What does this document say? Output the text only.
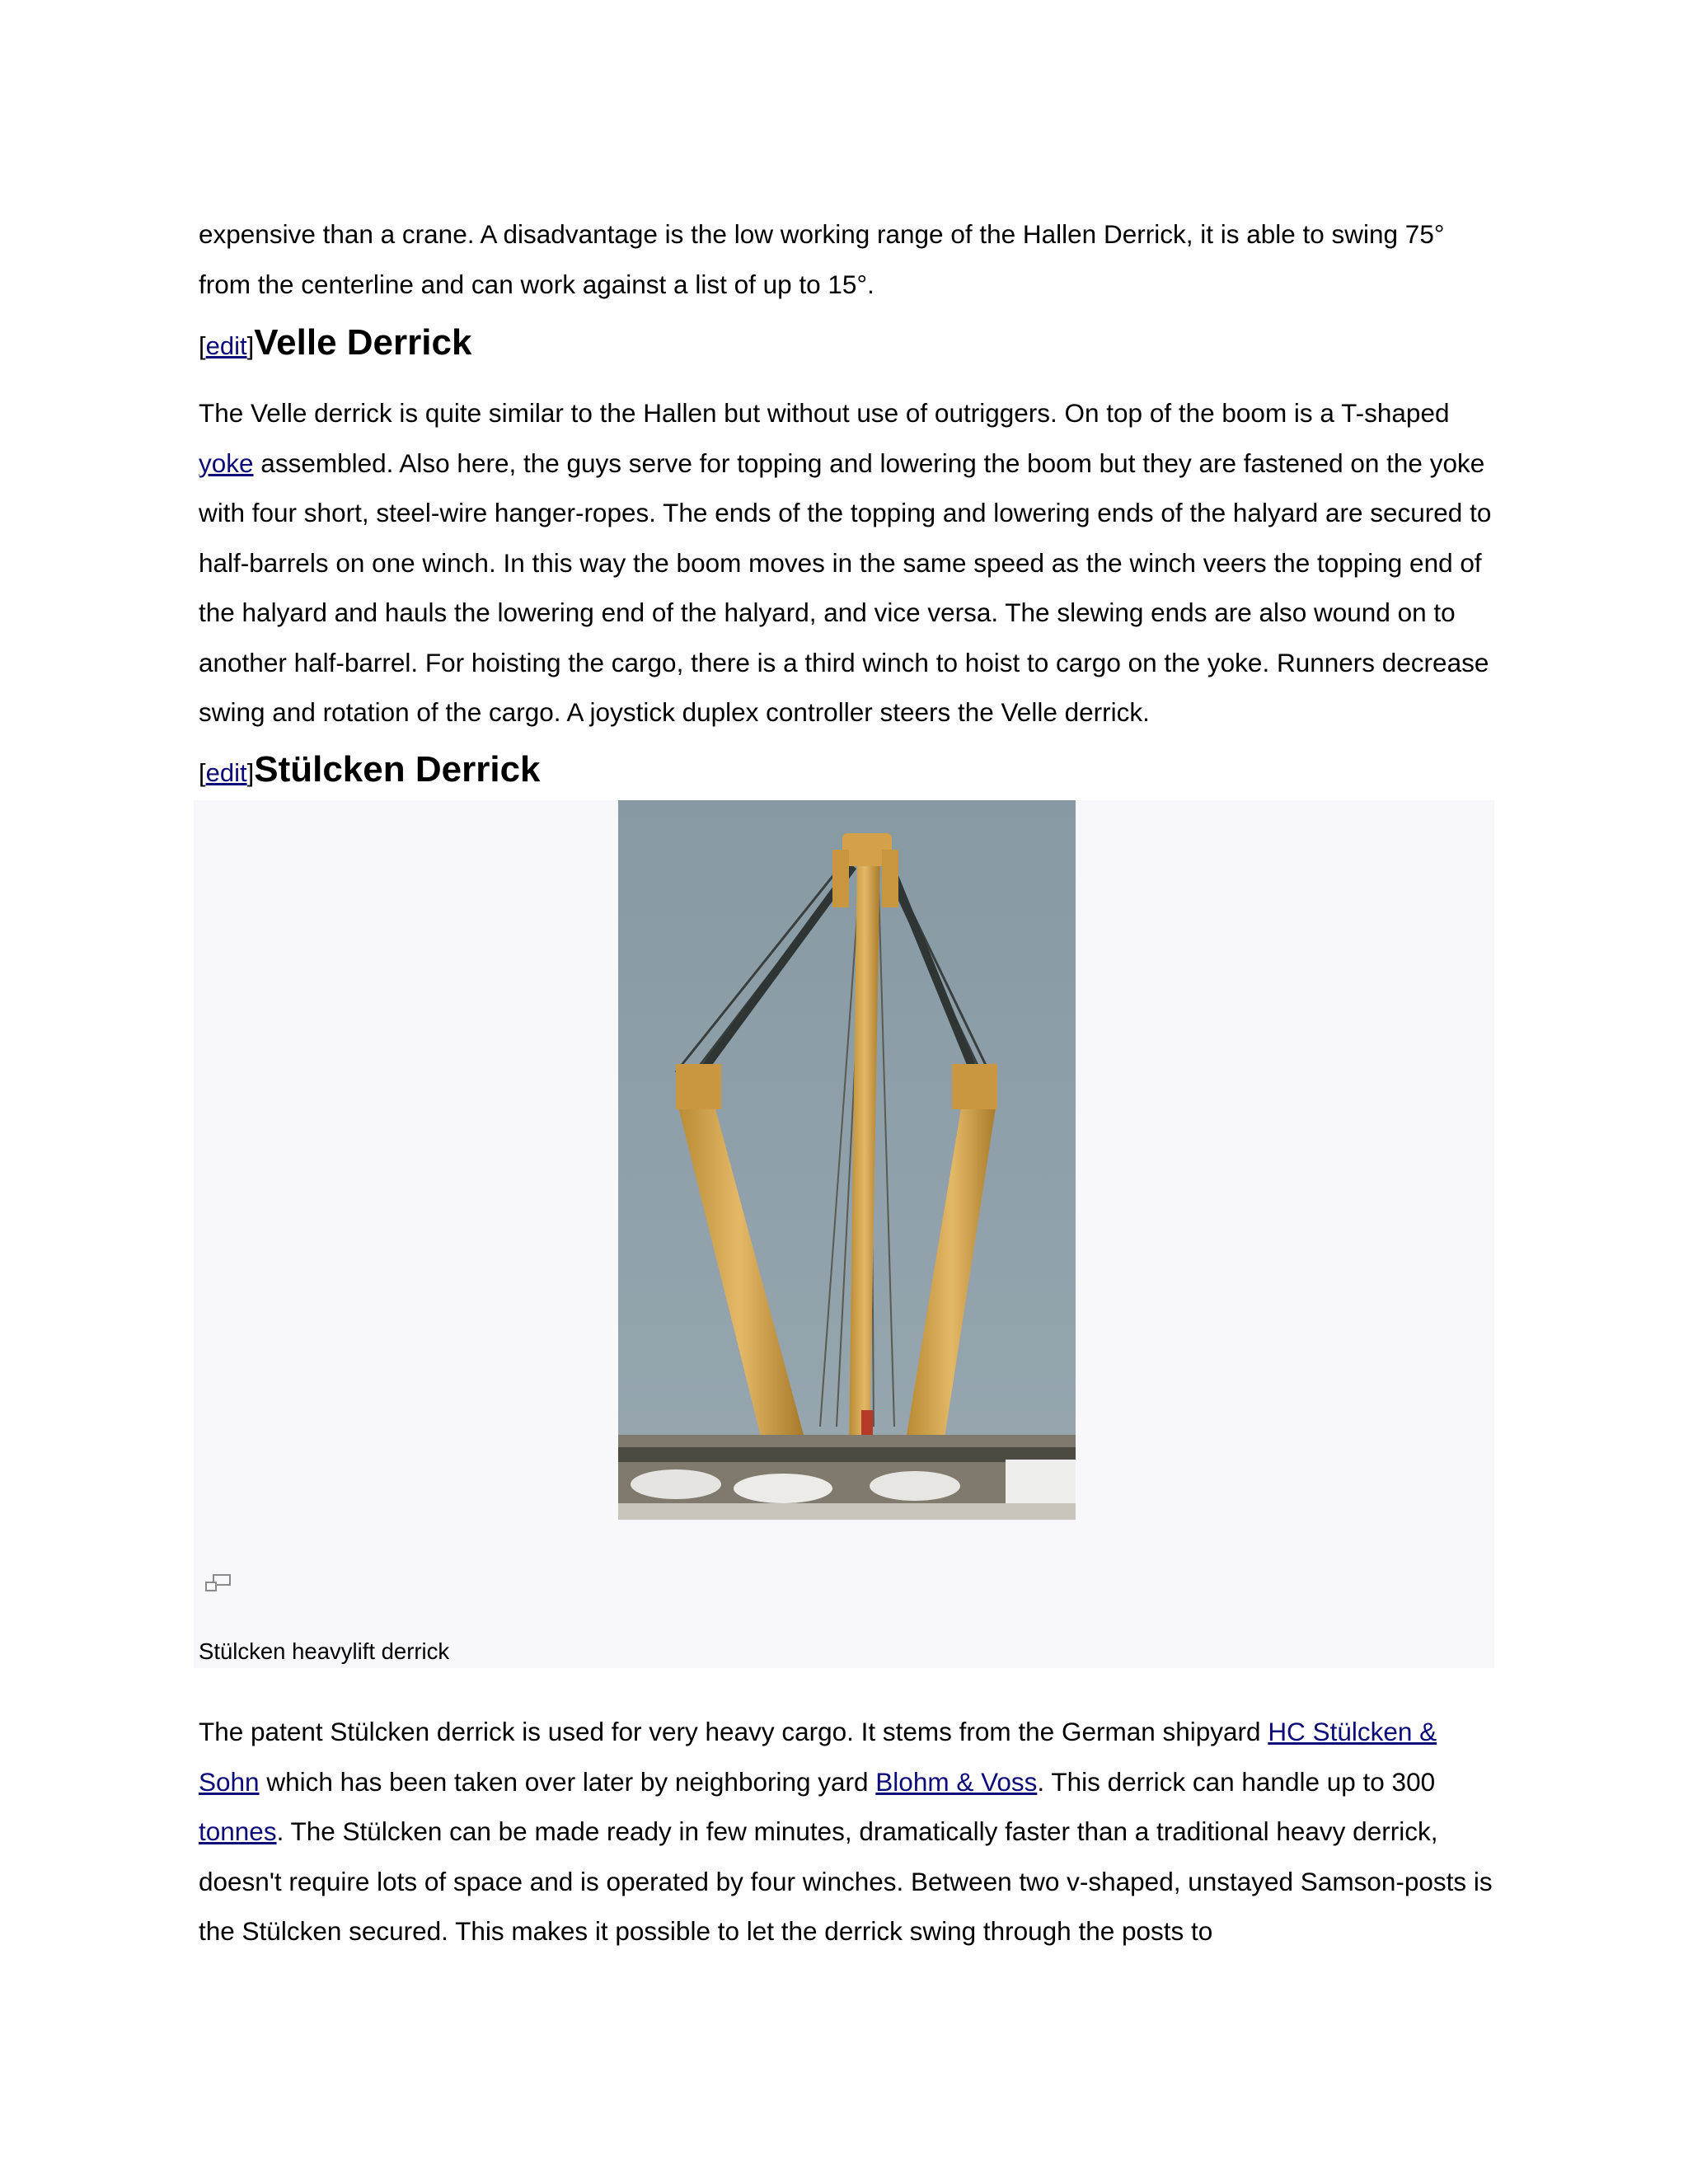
expensive than a crane. A disadvantage is the low working range of the Hallen Derrick, it is able to swing 75°
from the centerline and can work against a list of up to 15°.

[edit]Velle Derrick

The Velle derrick is quite similar to the Hallen but without use of outriggers. On top of the boom is a T-shaped yoke assembled. Also here, the guys serve for topping and lowering the boom but they are fastened on the yoke with four short, steel-wire hanger-ropes. The ends of the topping and lowering ends of the halyard are secured to half-barrels on one winch. In this way the boom moves in the same speed as the winch veers the topping end of the halyard and hauls the lowering end of the halyard, and vice versa. The slewing ends are also wound on to another half-barrel. For hoisting the cargo, there is a third winch to hoist to cargo on the yoke. Runners decrease swing and rotation of the cargo. A joystick duplex controller steers the Velle derrick.

[edit]Stülcken Derrick
Stülcken heavylift derrick

The patent Stülcken derrick is used for very heavy cargo. It stems from the German shipyard HC Stülcken & Sohn which has been taken over later by neighboring yard Blohm & Voss. This derrick can handle up to 300 tonnes. The Stülcken can be made ready in few minutes, dramatically faster than a traditional heavy derrick, doesn't require lots of space and is operated by four winches. Between two v-shaped, unstayed Samson-posts is the Stülcken secured. This makes it possible to let the derrick swing through the posts to
